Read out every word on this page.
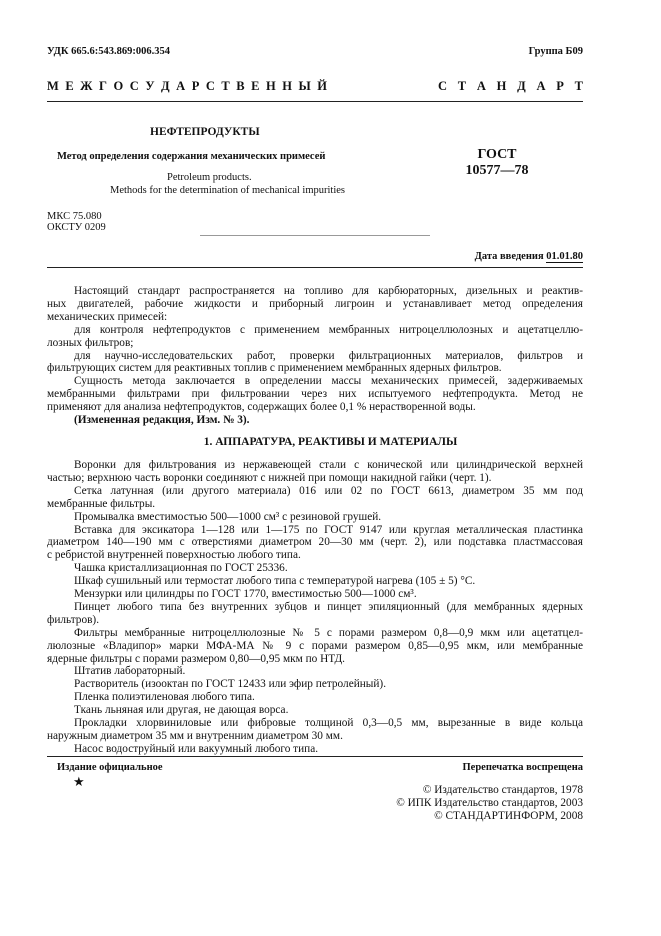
УДК 665.6:543.869:006.354	Группа Б09
М Е Ж Г О С У Д А Р С Т В Е Н Н Ы Й	С Т А Н Д А Р Т
НЕФТЕПРОДУКТЫ
Метод определения содержания механических примесей
Petroleum products.
Methods for the determination of mechanical impurities
ГОСТ
10577—78
МКС 75.080
ОКСТУ 0209
Дата введения 01.01.80
Настоящий стандарт распространяется на топливо для карбюраторных, дизельных и реактив-
ных двигателей, рабочие жидкости и приборный лигроин и устанавливает метод определения
механических примесей:
для контроля нефтепродуктов с применением мембранных нитроцеллюлозных и ацетатцеллю-
лозных фильтров;
для научно-исследовательских работ, проверки фильтрационных материалов, фильтров и
фильтрующих систем для реактивных топлив с применением мембранных ядерных фильтров.
Сущность метода заключается в определении массы механических примесей, задерживаемых
мембранными фильтрами при фильтровании через них испытуемого нефтепродукта. Метод не
применяют для анализа нефтепродуктов, содержащих более 0,1 % нерастворенной воды.
(Измененная редакция, Изм. № 3).
1. АППАРАТУРА, РЕАКТИВЫ И МАТЕРИАЛЫ
Воронки для фильтрования из нержавеющей стали с конической или цилиндрической верхней
частью; верхнюю часть воронки соединяют с нижней при помощи накидной гайки (черт. 1).
Сетка латунная (или другого материала) 016 или 02 по ГОСТ 6613, диаметром 35 мм под
мембранные фильтры.
Промывалка вместимостью 500—1000 см³ с резиновой грушей.
Вставка для эксикатора 1—128 или 1—175 по ГОСТ 9147 или круглая металлическая пластинка
диаметром 140—190 мм с отверстиями диаметром 20—30 мм (черт. 2), или подставка пластмассовая
с ребристой внутренней поверхностью любого типа.
Чашка кристаллизационная по ГОСТ 25336.
Шкаф сушильный или термостат любого типа с температурой нагрева (105 ± 5) °С.
Мензурки или цилиндры по ГОСТ 1770, вместимостью 500—1000 см³.
Пинцет любого типа без внутренних зубцов и пинцет эпиляционный (для мембранных ядерных
фильтров).
Фильтры мембранные нитроцеллюлозные № 5 с порами размером 0,8—0,9 мкм или ацетатцел-
люлозные «Владипор» марки МФА-МА № 9 с порами размером 0,85—0,95 мкм, или мембранные
ядерные фильтры с порами размером 0,80—0,95 мкм по НТД.
Штатив лабораторный.
Растворитель (изооктан по ГОСТ 12433 или эфир петролейный).
Пленка полиэтиленовая любого типа.
Ткань льняная или другая, не дающая ворса.
Прокладки хлорвиниловые или фибровые толщиной 0,3—0,5 мм, вырезанные в виде кольца
наружным диаметром 35 мм и внутренним диаметром 30 мм.
Насос водоструйный или вакуумный любого типа.
Издание официальное	Перепечатка воспрещена
★
© Издательство стандартов, 1978
© ИПК Издательство стандартов, 2003
© СТАНДАРТИНФОРМ, 2008
